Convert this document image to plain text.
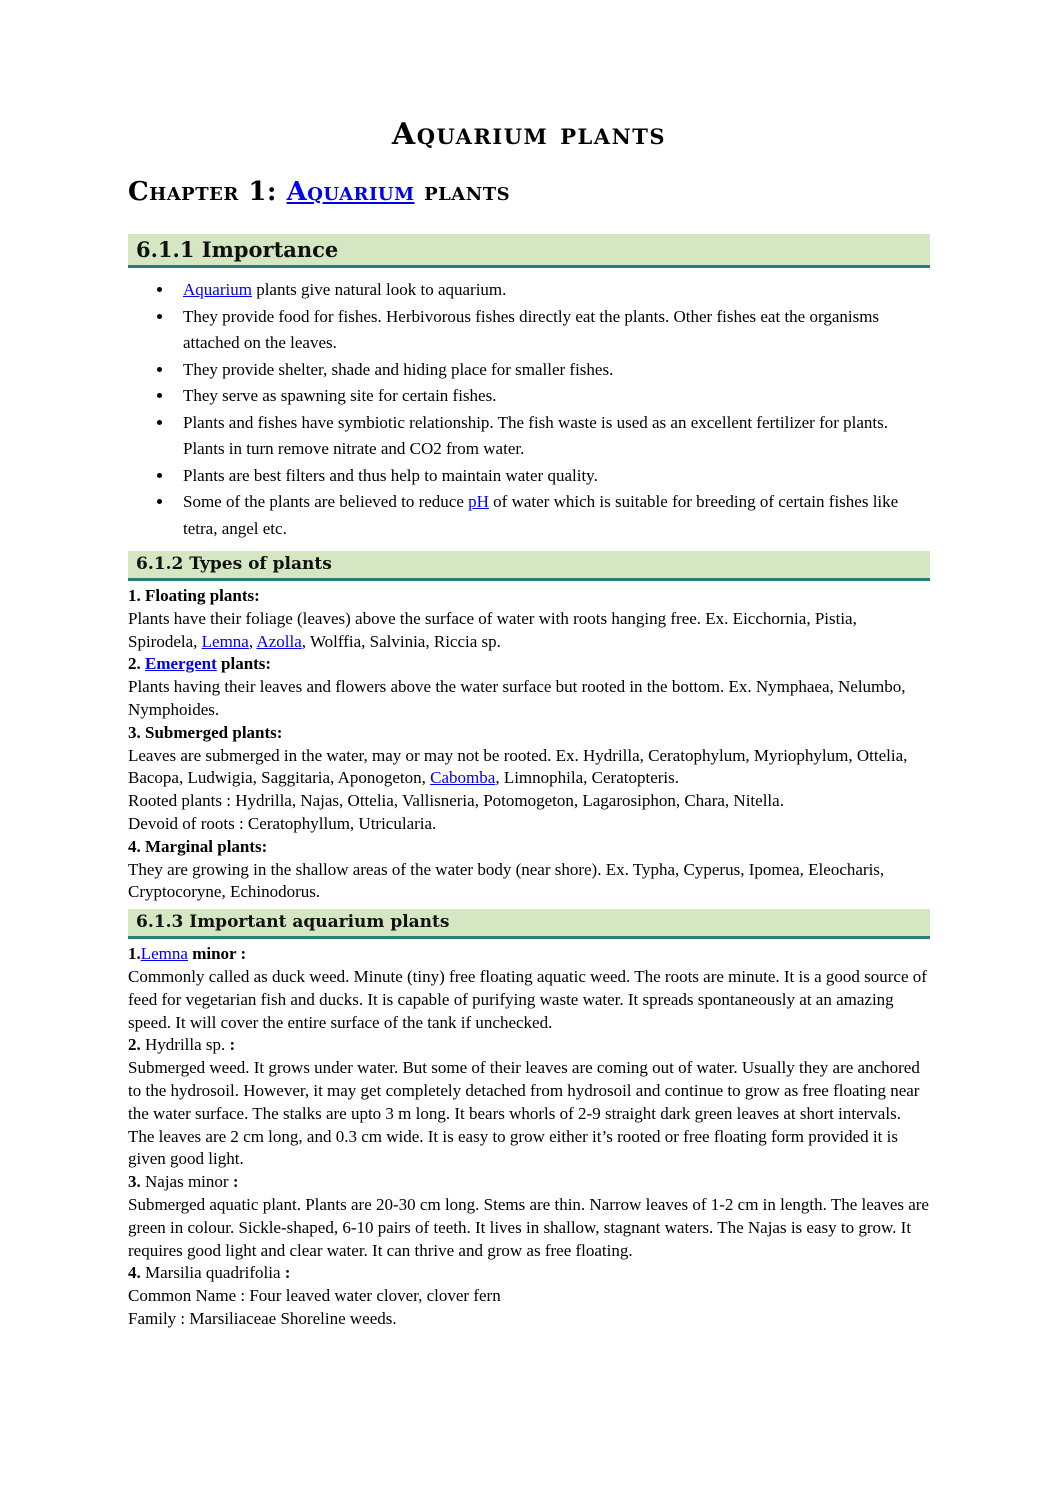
Aquarium plants
Chapter 1: Aquarium plants
6.1.1 Importance
• Aquarium plants give natural look to aquarium.
• They provide food for fishes. Herbivorous fishes directly eat the plants. Other fishes eat the organisms attached on the leaves.
• They provide shelter, shade and hiding place for smaller fishes.
• They serve as spawning site for certain fishes.
• Plants and fishes have symbiotic relationship. The fish waste is used as an excellent fertilizer for plants. Plants in turn remove nitrate and CO2 from water.
• Plants are best filters and thus help to maintain water quality.
• Some of the plants are believed to reduce pH of water which is suitable for breeding of certain fishes like tetra, angel etc.
6.1.2 Types of plants
1. Floating plants:
Plants have their foliage (leaves) above the surface of water with roots hanging free. Ex. Eicchornia, Pistia, Spirodela, Lemna, Azolla, Wolffia, Salvinia, Riccia sp.
2. Emergent plants:
Plants having their leaves and flowers above the water surface but rooted in the bottom. Ex. Nymphaea, Nelumbo, Nymphoides.
3. Submerged plants:
Leaves are submerged in the water, may or may not be rooted. Ex. Hydrilla, Ceratophylum, Myriophylum, Ottelia, Bacopa, Ludwigia, Saggitaria, Aponogeton, Cabomba, Limnophila, Ceratopteris.
Rooted plants : Hydrilla, Najas, Ottelia, Vallisneria, Potomogeton, Lagarosiphon, Chara, Nitella.
Devoid of roots : Ceratophyllum, Utricularia.
4. Marginal plants:
They are growing in the shallow areas of the water body (near shore). Ex. Typha, Cyperus, Ipomea, Eleocharis, Cryptocoryne, Echinodorus.
6.1.3 Important aquarium plants
1.Lemna minor :
Commonly called as duck weed. Minute (tiny) free floating aquatic weed. The roots are minute. It is a good source of feed for vegetarian fish and ducks. It is capable of purifying waste water. It spreads spontaneously at an amazing speed. It will cover the entire surface of the tank if unchecked.
2. Hydrilla sp. :
Submerged weed. It grows under water. But some of their leaves are coming out of water. Usually they are anchored to the hydrosoil. However, it may get completely detached from hydrosoil and continue to grow as free floating near the water surface. The stalks are upto 3 m long. It bears whorls of 2-9 straight dark green leaves at short intervals. The leaves are 2 cm long, and 0.3 cm wide. It is easy to grow either it’s rooted or free floating form provided it is given good light.
3. Najas minor :
Submerged aquatic plant. Plants are 20-30 cm long. Stems are thin. Narrow leaves of 1-2 cm in length. The leaves are green in colour. Sickle-shaped, 6-10 pairs of teeth. It lives in shallow, stagnant waters. The Najas is easy to grow. It requires good light and clear water. It can thrive and grow as free floating.
4. Marsilia quadrifolia :
Common Name : Four leaved water clover, clover fern
Family : Marsiliaceae Shoreline weeds.
